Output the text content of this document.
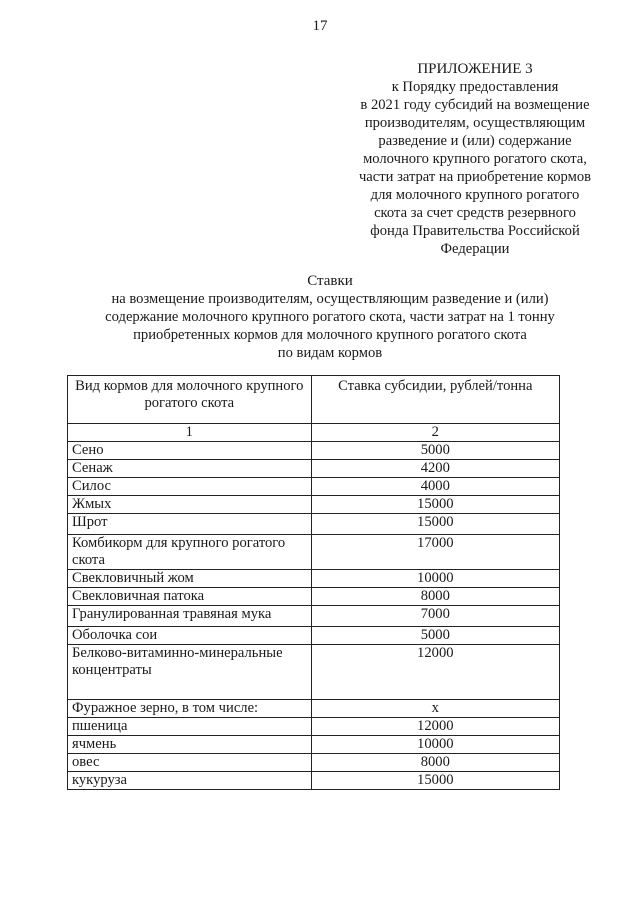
17
ПРИЛОЖЕНИЕ 3
к Порядку предоставления
в 2021 году субсидий на возмещение
производителям, осуществляющим
разведение и (или) содержание
молочного крупного рогатого скота,
части затрат на приобретение кормов
для молочного крупного рогатого
скота за счет средств резервного
фонда Правительства Российской
Федерации
Ставки
на возмещение производителям, осуществляющим разведение и (или)
содержание молочного крупного рогатого скота, части затрат на 1 тонну
приобретенных кормов для молочного крупного рогатого скота
по видам кормов
Вид кормов для молочного крупного рогатого скота	Ставка субсидии, рублей/тонна
1	2
Сено	5000
Сенаж	4200
Силос	4000
Жмых	15000
Шрот	15000
Комбикорм для крупного рогатого скота	17000
Свекловичный жом	10000
Свекловичная патока	8000
Гранулированная травяная мука	7000
Оболочка сои	5000
Белково-витаминно-минеральные концентраты	12000
Фуражное зерно, в том числе:	х
пшеница	12000
ячмень	10000
овес	8000
кукуруза	15000
